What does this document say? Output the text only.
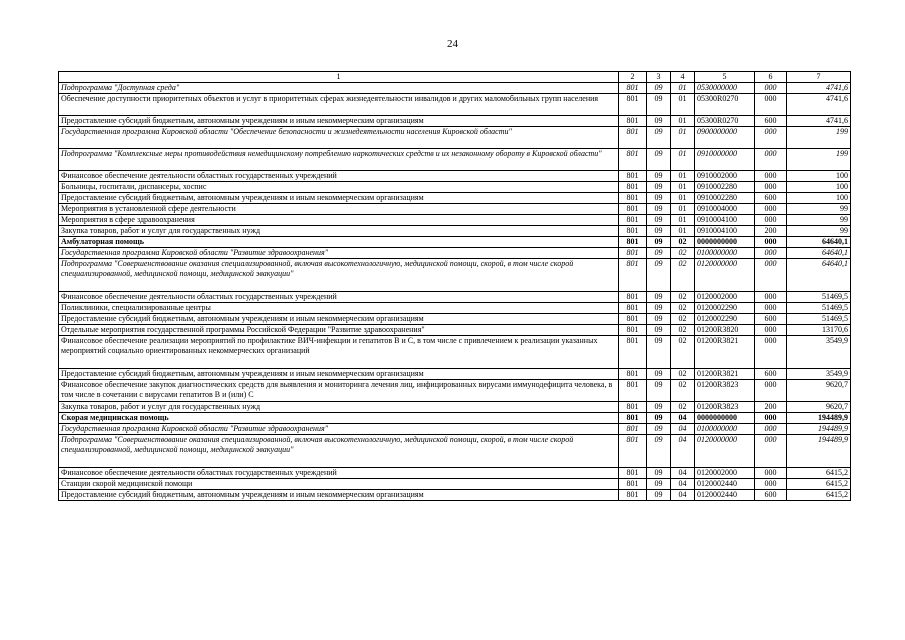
24
1	2	3	4	5	6	7
Подпрограмма "Доступная среда"	801	09	01	0530000000	000	4741,6
Обеспечение доступности приоритетных объектов и услуг в приоритетных сферах жизнедеятельности инвалидов и других маломобильных групп населения	801	09	01	05300R0270	000	4741,6
Предоставление субсидий бюджетным, автономным учреждениям и иным некоммерческим организациям	801	09	01	05300R0270	600	4741,6
Государственная программа Кировской области "Обеспечение безопасности и жизнедеятельности населения Кировской области"	801	09	01	0900000000	000	199
Подпрограмма "Комплексные меры противодействия немедицинскому потреблению наркотических средств и их незаконному обороту в Кировской области"	801	09	01	0910000000	000	199
Финансовое обеспечение деятельности областных государственных учреждений	801	09	01	0910002000	000	100
Больницы, госпитали, диспансеры, хоспис	801	09	01	0910002280	000	100
Предоставление субсидий бюджетным, автономным учреждениям и иным некоммерческим организациям	801	09	01	0910002280	600	100
Мероприятия в установленной сфере деятельности	801	09	01	0910004000	000	99
Мероприятия в сфере здравоохранения	801	09	01	0910004100	000	99
Закупка товаров, работ и услуг для государственных нужд	801	09	01	0910004100	200	99
Амбулаторная помощь	801	09	02	0000000000	000	64640,1
Государственная программа Кировской области "Развитие здравоохранения"	801	09	02	0100000000	000	64640,1
Подпрограмма "Совершенствование оказания специализированной, включая высокотехнологичную, медицинской помощи, скорой, в том числе скорой специализированной, медицинской помощи, медицинской эвакуации"	801	09	02	0120000000	000	64640,1
Финансовое обеспечение деятельности областных государственных учреждений	801	09	02	0120002000	000	51469,5
Поликлиники, специализированные центры	801	09	02	0120002290	000	51469,5
Предоставление субсидий бюджетным, автономным учреждениям и иным некоммерческим организациям	801	09	02	0120002290	600	51469,5
Отдельные мероприятия государственной программы Российской Федерации "Развитие здравоохранения"	801	09	02	01200R3820	000	13170,6
Финансовое обеспечение реализации мероприятий по профилактике ВИЧ-инфекции и гепатитов В и С, в том числе с привлечением к реализации указанных мероприятий социально ориентированных некоммерческих организаций	801	09	02	01200R3821	000	3549,9
Предоставление субсидий бюджетным, автономным учреждениям и иным некоммерческим организациям	801	09	02	01200R3821	600	3549,9
Финансовое обеспечение закупок диагностических средств для выявления и мониторинга лечения лиц, инфицированных вирусами иммунодефицита человека, в том числе в сочетании с вирусами гепатитов В и (или) С	801	09	02	01200R3823	000	9620,7
Закупка товаров, работ и услуг для государственных нужд	801	09	02	01200R3823	200	9620,7
Скорая медицинская помощь	801	09	04	0000000000	000	194489,9
Государственная программа Кировской области "Развитие здравоохранения"	801	09	04	0100000000	000	194489,9
Подпрограмма "Совершенствование оказания специализированной, включая высокотехнологичную, медицинской помощи, скорой, в том числе скорой специализированной, медицинской помощи, медицинской эвакуации"	801	09	04	0120000000	000	194489,9
Финансовое обеспечение деятельности областных государственных учреждений	801	09	04	0120002000	000	6415,2
Станции скорой медицинской помощи	801	09	04	0120002440	000	6415,2
Предоставление субсидий бюджетным, автономным учреждениям и иным некоммерческим организациям	801	09	04	0120002440	600	6415,2
